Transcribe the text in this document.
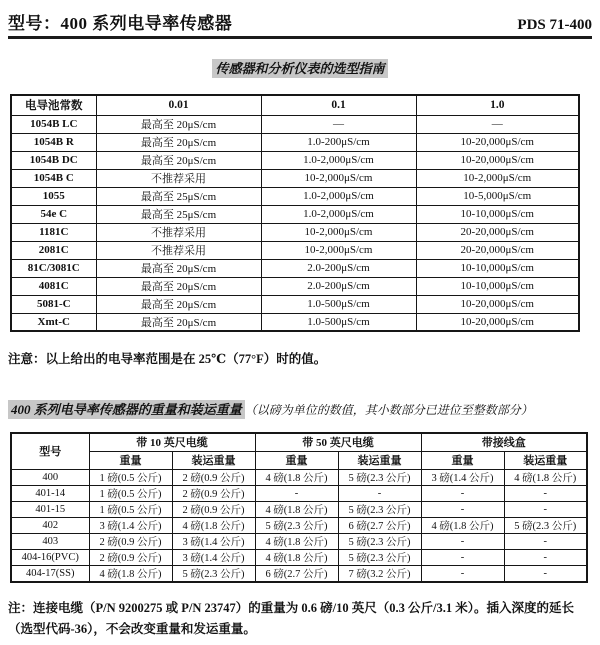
型号：400 系列电导率传感器	PDS 71-400
传感器和分析仪表的选型指南
电导池常数	0.01	0.1	1.0
1054B LC	最高至 20μS/cm	—	—
1054B R	最高至 20μS/cm	1.0-200μS/cm	10-20,000μS/cm
1054B DC	最高至 20μS/cm	1.0-2,000μS/cm	10-20,000μS/cm
1054B C	不推荐采用	10-2,000μS/cm	10-2,000μS/cm
1055	最高至 25μS/cm	1.0-2,000μS/cm	10-5,000μS/cm
54e C	最高至 25μS/cm	1.0-2,000μS/cm	10-10,000μS/cm
1181C	不推荐采用	10-2,000μS/cm	20-20,000μS/cm
2081C	不推荐采用	10-2,000μS/cm	20-20,000μS/cm
81C/3081C	最高至 20μS/cm	2.0-200μS/cm	10-10,000μS/cm
4081C	最高至 20μS/cm	2.0-200μS/cm	10-10,000μS/cm
5081-C	最高至 20μS/cm	1.0-500μS/cm	10-20,000μS/cm
Xmt-C	最高至 20μS/cm	1.0-500μS/cm	10-20,000μS/cm
注意：以上给出的电导率范围是在 25℃（77°F）时的值。
400 系列电导率传感器的重量和装运重量 （以磅为单位的数值，其小数部分已进位至整数部分）
型号	带 10 英尺电缆		带 50 英尺电缆		带接线盒	
	重量	装运重量	重量	装运重量	重量	装运重量
400	1 磅(0.5 公斤)	2 磅(0.9 公斤)	4 磅(1.8 公斤)	5 磅(2.3 公斤)	3 磅(1.4 公斤)	4 磅(1.8 公斤)
401-14	1 磅(0.5 公斤)	2 磅(0.9 公斤)	-	-	-	-
401-15	1 磅(0.5 公斤)	2 磅(0.9 公斤)	4 磅(1.8 公斤)	5 磅(2.3 公斤)	-	-
402	3 磅(1.4 公斤)	4 磅(1.8 公斤)	5 磅(2.3 公斤)	6 磅(2.7 公斤)	4 磅(1.8 公斤)	5 磅(2.3 公斤)
403	2 磅(0.9 公斤)	3 磅(1.4 公斤)	4 磅(1.8 公斤)	5 磅(2.3 公斤)	-	-
404-16(PVC)	2 磅(0.9 公斤)	3 磅(1.4 公斤)	4 磅(1.8 公斤)	5 磅(2.3 公斤)	-	-
404-17(SS)	4 磅(1.8 公斤)	5 磅(2.3 公斤)	6 磅(2.7 公斤)	7 磅(3.2 公斤)	-	-
注：连接电缆（P/N 9200275 或 P/N 23747）的重量为 0.6 磅/10 英尺（0.3 公斤/3.1 米）。插入深度的延长（选型代码-36），不会改变重量和发运重量。
